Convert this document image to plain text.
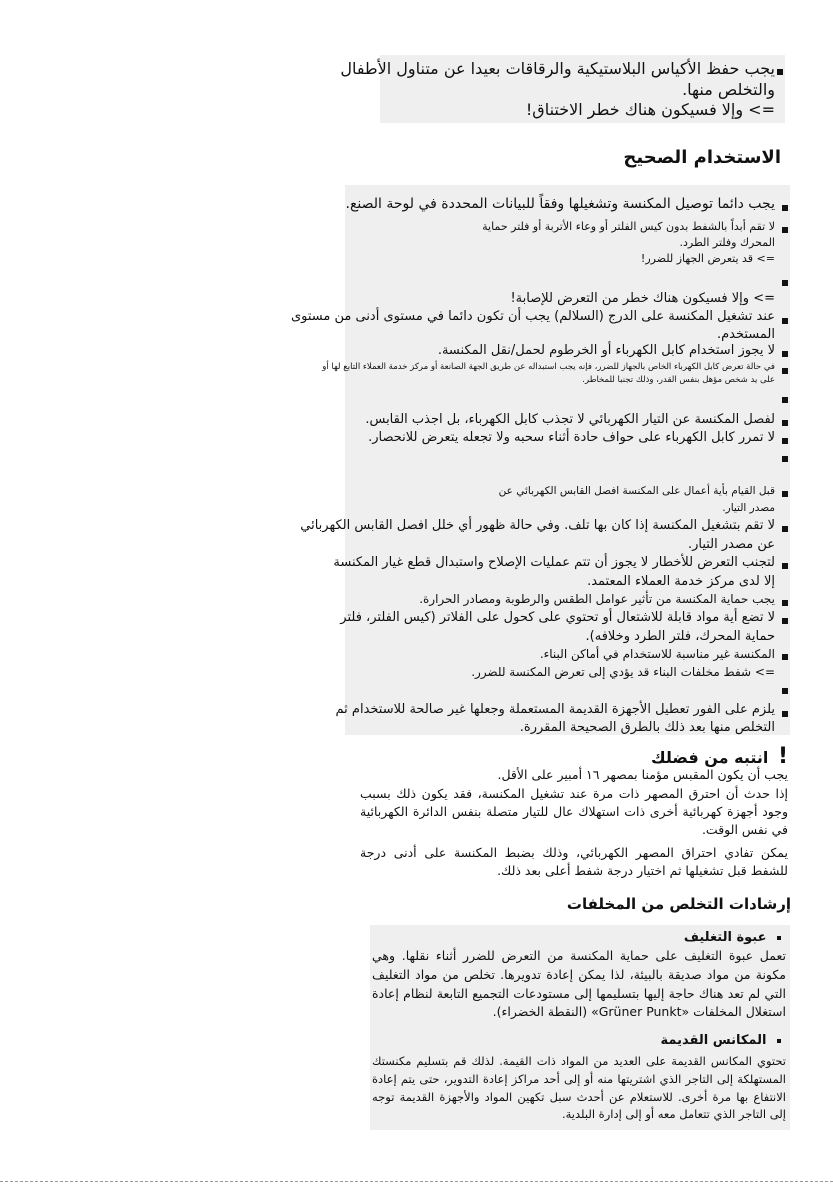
يجب حفظ الأكياس البلاستيكية والرقاقات بعيدا عن متناول الأطفال
والتخلص منها.
=> وإلا فسيكون هناك خطر الاختناق!
الاستخدام الصحيح
يجب دائما توصيل المكنسة وتشغيلها وفقاً للبيانات المحددة في لوحة الصنع.
لا تقم أبداً بالشفط بدون كيس الفلتر أو وعاء الأتربة أو فلتر حماية
المحرك وفلتر الطرد.
=> قد يتعرض الجهاز للضرر!
=> وإلا فسيكون هناك خطر من التعرض للإصابة!
عند تشغيل المكنسة على الدرج (السلالم) يجب أن تكون دائما في مستوى أدنى من مستوى
المستخدم.
لا يجوز استخدام كابل الكهرباء أو الخرطوم لحمل/نقل المكنسة.
في حالة تعرض كابل الكهرباء الخاص بالجهاز للضرر، فإنه يجب استبداله عن طريق الجهة الصانعة أو مركز خدمة العملاء التابع لها أو
على يد شخص مؤهل بنفس القدر، وذلك تجنبا للمخاطر.
لفصل المكنسة عن التيار الكهربائي لا تجذب كابل الكهرباء، بل اجذب القابس.
لا تمرر كابل الكهرباء على حواف حادة أثناء سحبه ولا تجعله يتعرض للانحصار.
قبل القيام بأية أعمال على المكنسة افصل القابس الكهربائي عن
مصدر التيار.
لا تقم بتشغيل المكنسة إذا كان بها تلف. وفي حالة ظهور أي خلل افصل القابس الكهربائي
عن مصدر التيار.
لتجنب التعرض للأخطار لا يجوز أن تتم عمليات الإصلاح واستبدال قطع غيار المكنسة
إلا لدى مركز خدمة العملاء المعتمد.
يجب حماية المكنسة من تأثير عوامل الطقس والرطوبة ومصادر الحرارة.
لا تضع أية مواد قابلة للاشتعال أو تحتوي على كحول على الفلاتر (كيس الفلتر، فلتر
حماية المحرك، فلتر الطرد وخلافه).
المكنسة غير مناسبة للاستخدام في أماكن البناء.
=> شفط مخلفات البناء قد يؤدي إلى تعرض المكنسة للضرر.
يلزم على الفور تعطيل الأجهزة القديمة المستعملة وجعلها غير صالحة للاستخدام ثم
التخلص منها بعد ذلك بالطرق الصحيحة المقررة.
! انتبه من فضلك
يجب أن يكون المقبس مؤمنا بمصهر ١٦ أمبير على الأقل.
إذا حدث أن احترق المصهر ذات مرة عند تشغيل المكنسة، فقد يكون ذلك بسبب وجود أجهزة كهربائية أخرى ذات استهلاك عال للتيار متصلة بنفس الدائرة الكهربائية في نفس الوقت.
يمكن تفادي احتراق المصهر الكهربائي، وذلك بضبط المكنسة على أدنى درجة للشفط قبل تشغيلها ثم اختيار درجة شفط أعلى بعد ذلك.
إرشادات التخلص من المخلفات
عبوة التغليف
تعمل عبوة التغليف على حماية المكنسة من التعرض للضرر أثناء نقلها. وهي مكونة من مواد صديقة بالبيئة، لذا يمكن إعادة تدويرها. تخلص من مواد التغليف التي لم تعد هناك حاجة إليها بتسليمها إلى مستودعات التجميع التابعة لنظام إعادة استغلال المخلفات «Grüner Punkt» (النقطة الخضراء).
المكانس القديمة
تحتوي المكانس القديمة على العديد من المواد ذات القيمة. لذلك قم بتسليم مكنستك المستهلكة إلى التاجر الذي اشتريتها منه أو إلى أحد مراكز إعادة التدوير، حتى يتم إعادة الانتفاع بها مرة أخرى. للاستعلام عن أحدث سبل تكهين المواد والأجهزة القديمة توجه إلى التاجر الذي تتعامل معه أو إلى إدارة البلدية.
